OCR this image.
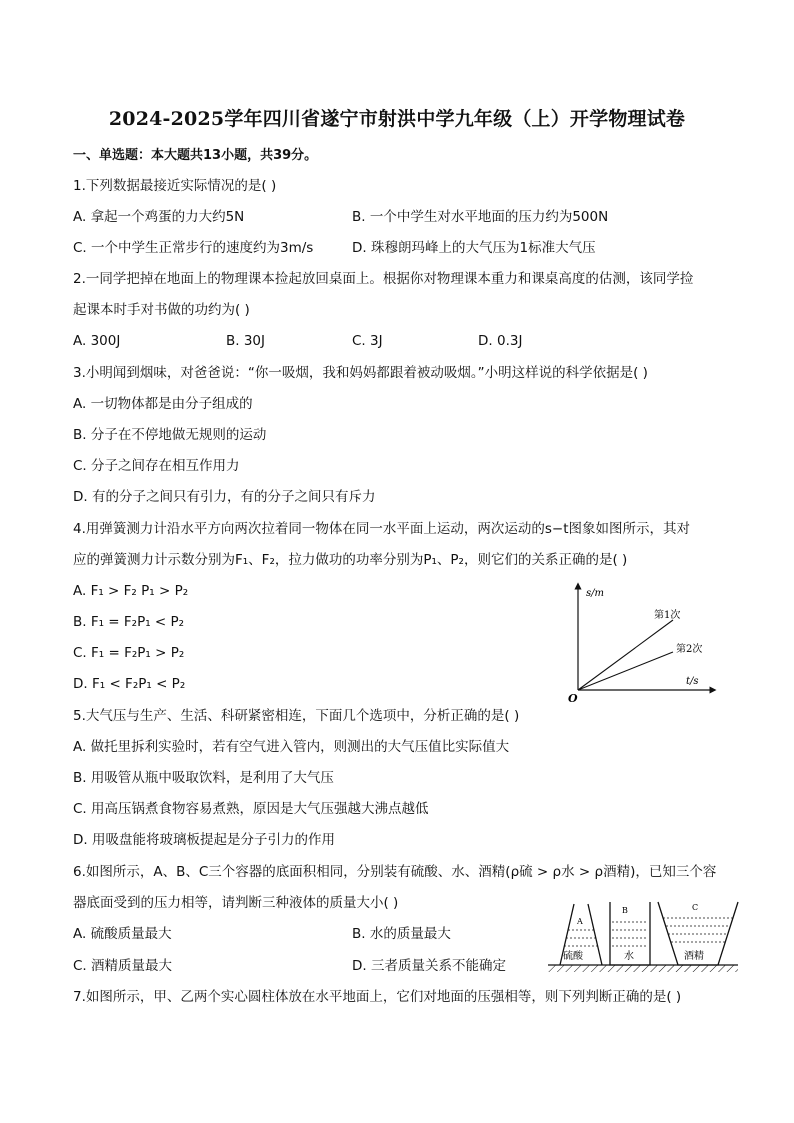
2024-2025学年四川省遂宁市射洪中学九年级（上）开学物理试卷
一、单选题：本大题共13小题，共39分。
1.下列数据最接近实际情况的是( )
A. 拿起一个鸡蛋的力大约5N	B. 一个中学生对水平地面的压力约为500N
C. 一个中学生正常步行的速度约为3m/s	D. 珠穆朗玛峰上的大气压为1标准大气压
2.一同学把掉在地面上的物理课本捡起放回桌面上。根据你对物理课本重力和课桌高度的估测，该同学捡
起课本时手对书做的功约为( )
A. 300J	B. 30J	C. 3J	D. 0.3J
3.小明闻到烟味，对爸爸说：“你一吸烟，我和妈妈都跟着被动吸烟。”小明这样说的科学依据是( )
A. 一切物体都是由分子组成的
B. 分子在不停地做无规则的运动
C. 分子之间存在相互作用力
D. 有的分子之间只有引力，有的分子之间只有斥力
4.用弹簧测力计沿水平方向两次拉着同一物体在同一水平面上运动，两次运动的s−t图象如图所示，其对
应的弹簧测力计示数分别为F₁、F₂，拉力做功的功率分别为P₁、P₂，则它们的关系正确的是( )
A. F₁ > F₂ P₁ > P₂
B. F₁ = F₂P₁ < P₂
C. F₁ = F₂P₁ > P₂
D. F₁ < F₂P₁ < P₂
s/m
t/s
O
第1次
第2次
5.大气压与生产、生活、科研紧密相连，下面几个选项中，分析正确的是( )
A. 做托里拆利实验时，若有空气进入管内，则测出的大气压值比实际值大
B. 用吸管从瓶中吸取饮料，是利用了大气压
C. 用高压锅煮食物容易煮熟，原因是大气压强越大沸点越低
D. 用吸盘能将玻璃板提起是分子引力的作用
6.如图所示，A、B、C三个容器的底面积相同，分别装有硫酸、水、酒精(ρ硫 > ρ水 > ρ酒精)，已知三个容
器底面受到的压力相等，请判断三种液体的质量大小( )
A. 硫酸质量最大	B. 水的质量最大
C. 酒精质量最大	D. 三者质量关系不能确定
A
硫酸
B
水
C
酒精
7.如图所示，甲、乙两个实心圆柱体放在水平地面上，它们对地面的压强相等，则下列判断正确的是( )
